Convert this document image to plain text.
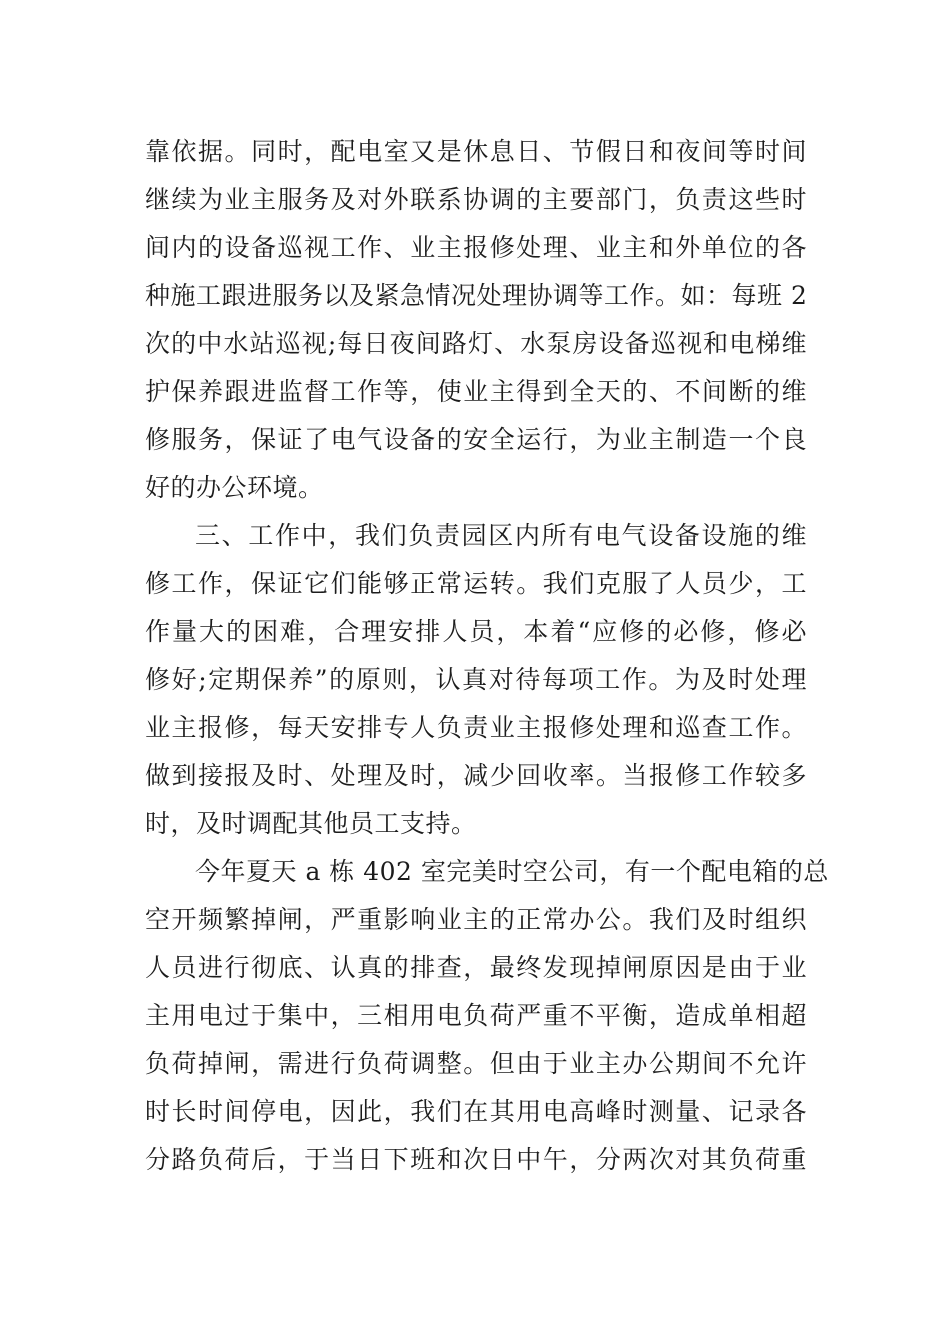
靠依据。同时，配电室又是休息日、节假日和夜间等时间
继续为业主服务及对外联系协调的主要部门，负责这些时
间内的设备巡视工作、业主报修处理、业主和外单位的各
种施工跟进服务以及紧急情况处理协调等工作。如：每班 2
次的中水站巡视;每日夜间路灯、水泵房设备巡视和电梯维
护保养跟进监督工作等，使业主得到全天的、不间断的维
修服务，保证了电气设备的安全运行，为业主制造一个良
好的办公环境。
三、工作中，我们负责园区内所有电气设备设施的维
修工作，保证它们能够正常运转。我们克服了人员少，工
作量大的困难，合理安排人员，本着“应修的必修，修必
修好;定期保养”的原则，认真对待每项工作。为及时处理
业主报修，每天安排专人负责业主报修处理和巡查工作。
做到接报及时、处理及时，减少回收率。当报修工作较多
时，及时调配其他员工支持。
今年夏天 a 栋 402 室完美时空公司，有一个配电箱的总
空开频繁掉闸，严重影响业主的正常办公。我们及时组织
人员进行彻底、认真的排查，最终发现掉闸原因是由于业
主用电过于集中，三相用电负荷严重不平衡，造成单相超
负荷掉闸，需进行负荷调整。但由于业主办公期间不允许
时长时间停电，因此，我们在其用电高峰时测量、记录各
分路负荷后，于当日下班和次日中午，分两次对其负荷重
